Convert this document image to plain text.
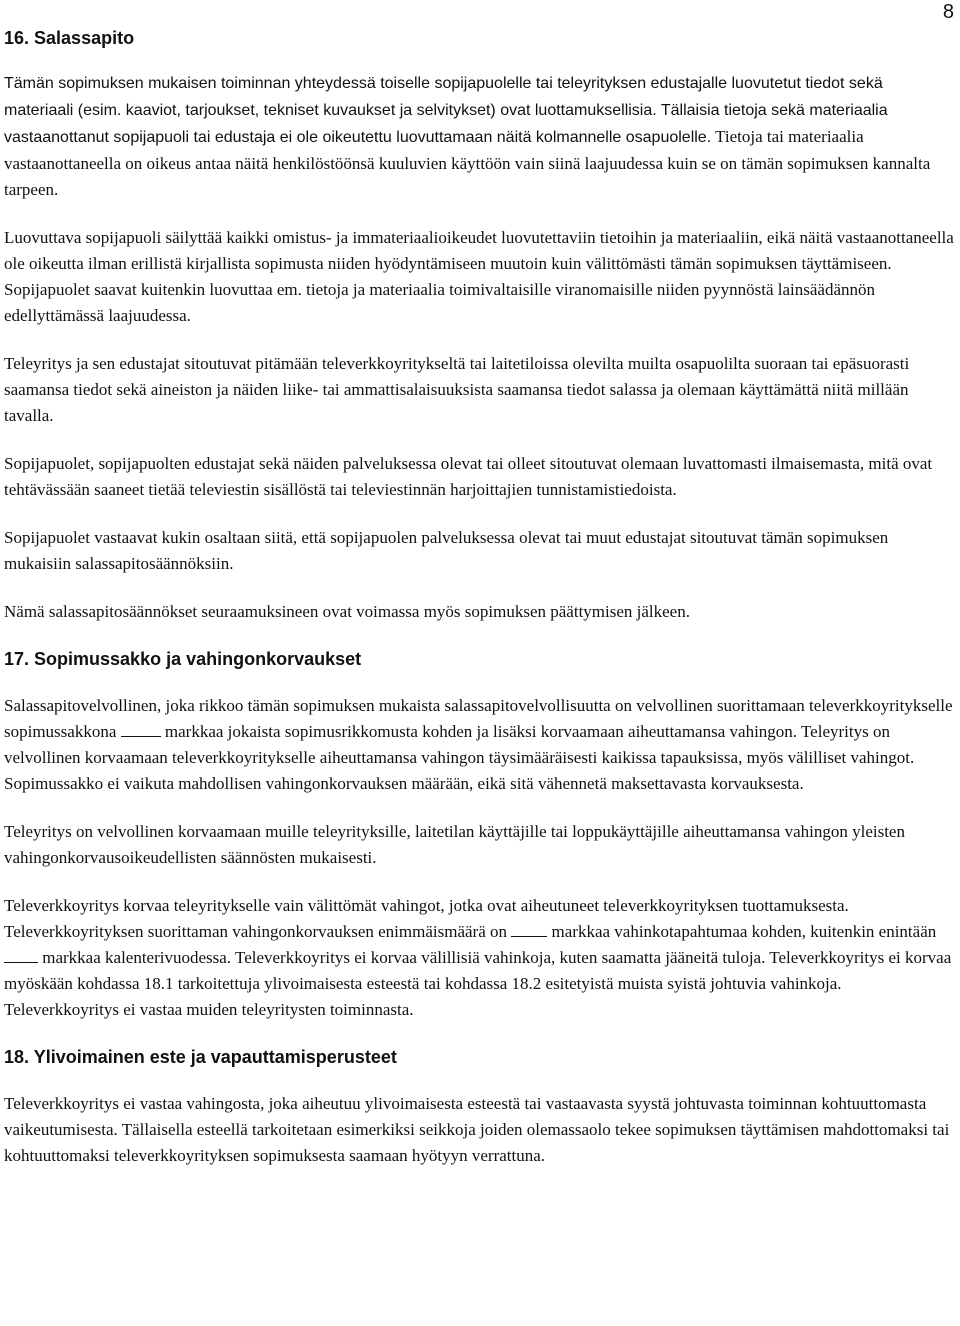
8
16. Salassapito

Tämän sopimuksen mukaisen toiminnan yhteydessä toiselle sopijapuolelle tai teleyrityksen edustajalle luovutetut tiedot sekä materiaali (esim. kaaviot, tarjoukset, tekniset kuvaukset ja selvitykset) ovat luottamuksellisia. Tällaisia tietoja sekä materiaalia vastaanottanut sopijapuoli tai edustaja ei ole oikeutettu luovuttamaan näitä kolmannelle osapuolelle. Tietoja tai materiaalia vastaanottaneella on oikeus antaa näitä henkilöstöönsä kuuluvien käyttöön vain siinä laajuudessa kuin se on tämän sopimuksen kannalta tarpeen.

Luovuttava sopijapuoli säilyttää kaikki omistus- ja immateriaalioikeudet luovutettaviin tietoihin ja materiaaliin, eikä näitä vastaanottaneella ole oikeutta ilman erillistä kirjallista sopimusta niiden hyödyntämiseen muutoin kuin välittömästi tämän sopimuksen täyttämiseen. Sopijapuolet saavat kuitenkin luovuttaa em. tietoja ja materiaalia toimivaltaisille viranomaisille niiden pyynnöstä lainsäädännön edellyttämässä laajuudessa.

Teleyritys ja sen edustajat sitoutuvat pitämään televerkkoyritykseltä tai laitetiloissa olevilta muilta osapuolilta suoraan tai epäsuorasti saamansa tiedot sekä aineiston ja näiden liike- tai ammattisalaisuuksista saamansa tiedot salassa ja olemaan käyttämättä niitä millään tavalla.

Sopijapuolet, sopijapuolten edustajat sekä näiden palveluksessa olevat tai olleet sitoutuvat olemaan luvattomasti ilmaisemasta, mitä ovat tehtävässään saaneet tietää televiestin sisällöstä tai televiestinnän harjoittajien tunnistamistiedoista.

Sopijapuolet vastaavat kukin osaltaan siitä, että sopijapuolen palveluksessa olevat tai muut edustajat sitoutuvat tämän sopimuksen mukaisiin salassapitosäännöksiin.

Nämä salassapitosäännökset seuraamuksineen ovat voimassa myös sopimuksen päättymisen jälkeen.

17. Sopimussakko ja vahingonkorvaukset

Salassapitovelvollinen, joka rikkoo tämän sopimuksen mukaista salassapitovelvollisuutta on velvollinen suorittamaan televerkkoyritykselle sopimussakkona  markkaa jokaista sopimusrikkomusta kohden ja lisäksi korvaamaan aiheuttamansa vahingon. Teleyritys on velvollinen korvaamaan televerkkoyritykselle aiheuttamansa vahingon täysimääräisesti kaikissa tapauksissa, myös välilliset vahingot. Sopimussakko ei vaikuta mahdollisen vahingonkorvauksen määrään, eikä sitä vähennetä maksettavasta korvauksesta.

Teleyritys on velvollinen korvaamaan muille teleyrityksille, laitetilan käyttäjille tai loppukäyttäjille aiheuttamansa vahingon yleisten vahingonkorvausoikeudellisten säännösten mukaisesti.

Televerkkoyritys korvaa teleyritykselle vain välittömät vahingot, jotka ovat aiheutuneet televerkkoyrityksen tuottamuksesta. Televerkkoyrityksen suorittaman vahingonkorvauksen enimmäismäärä on  markkaa vahinkotapahtumaa kohden, kuitenkin enintään  markkaa kalenterivuodessa. Televerkkoyritys ei korvaa välillisiä vahinkoja, kuten saamatta jääneitä tuloja. Televerkkoyritys ei korvaa myöskään kohdassa 18.1 tarkoitettuja ylivoimaisesta esteestä tai kohdassa 18.2 esitetyistä muista syistä johtuvia vahinkoja. Televerkkoyritys ei vastaa muiden teleyritysten toiminnasta.

18. Ylivoimainen este ja vapauttamisperusteet

Televerkkoyritys ei vastaa vahingosta, joka aiheutuu ylivoimaisesta esteestä tai vastaavasta syystä johtuvasta toiminnan kohtuuttomasta vaikeutumisesta. Tällaisella esteellä tarkoitetaan esimerkiksi seikkoja joiden olemassaolo tekee sopimuksen täyttämisen mahdottomaksi tai kohtuuttomaksi televerkkoyrityksen sopimuksesta saamaan hyötyyn verrattuna.
